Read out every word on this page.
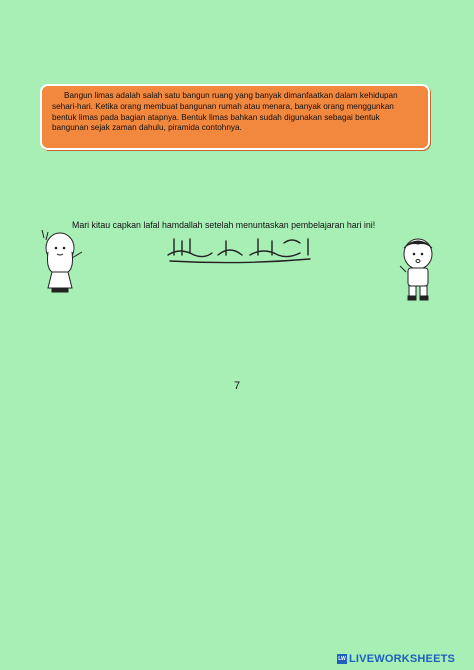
Bangun limas adalah salah satu bangun ruang yang banyak dimanfaatkan dalam kehidupan sehari-hari. Ketika orang membuat bangunan rumah atau menara, banyak orang menggunkan bentuk limas pada bagian atapnya. Bentuk limas bahkan sudah digunakan sebagai bentuk bangunan sejak zaman dahulu, piramida contohnya.

Mari kitau capkan lafal hamdallah setelah menuntaskan pembelajaran hari ini!
7
LW LIVEWORKSHEETS
